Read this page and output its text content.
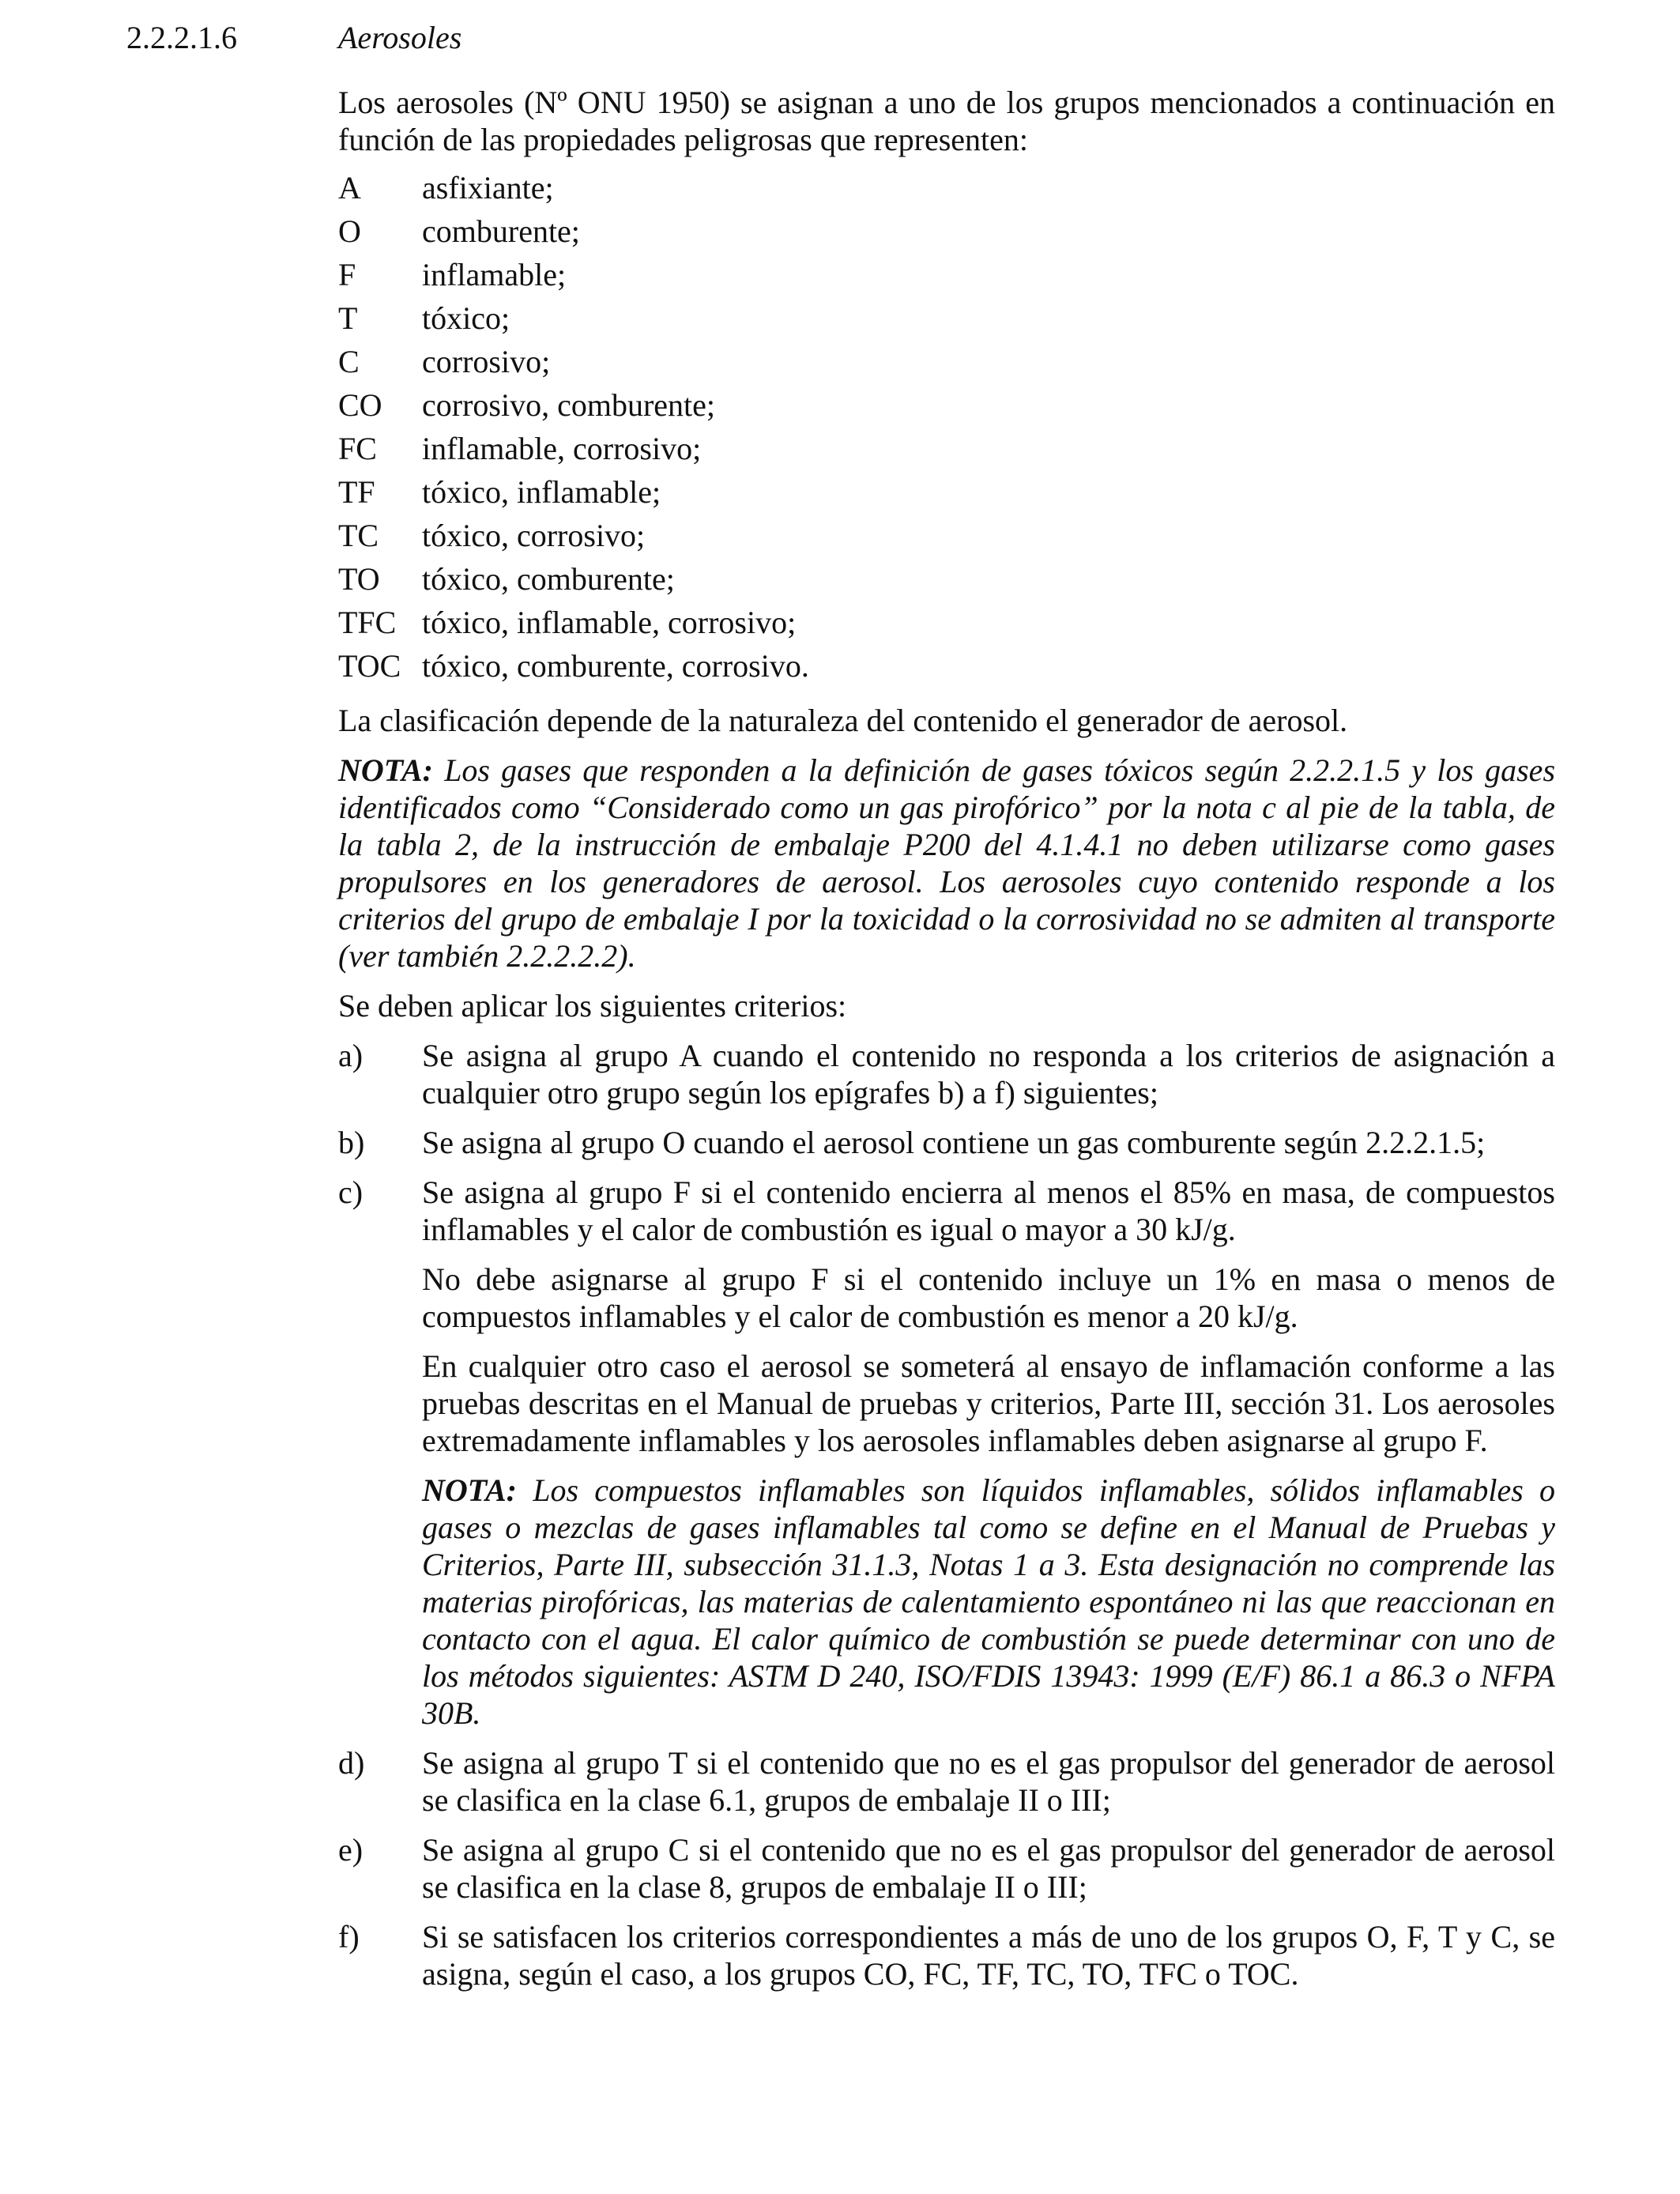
2.2.2.1.6	Aerosoles

Los aerosoles (Nº ONU 1950) se asignan a uno de los grupos mencionados a continuación en función de las propiedades peligrosas que representen:

A	asfixiante;
O	comburente;
F	inflamable;
T	tóxico;
C	corrosivo;
CO	corrosivo, comburente;
FC	inflamable, corrosivo;
TF	tóxico, inflamable;
TC	tóxico, corrosivo;
TO	tóxico, comburente;
TFC tóxico, inflamable, corrosivo;
TOC tóxico, comburente, corrosivo.

La clasificación depende de la naturaleza del contenido el generador de aerosol.

NOTA: Los gases que responden a la definición de gases tóxicos según 2.2.2.1.5 y los gases identificados como “Considerado como un gas pirofórico” por la nota c al pie de la tabla, de la tabla 2, de la instrucción de embalaje P200 del 4.1.4.1 no deben utilizarse como gases propulsores en los generadores de aerosol. Los aerosoles cuyo contenido responde a los criterios del grupo de embalaje I por la toxicidad o la corrosividad no se admiten al transporte (ver también 2.2.2.2.2).

Se deben aplicar los siguientes criterios:

a)	Se asigna al grupo A cuando el contenido no responda a los criterios de asignación a cualquier otro grupo según los epígrafes b) a f) siguientes;

b)	Se asigna al grupo O cuando el aerosol contiene un gas comburente según 2.2.2.1.5;

c)	Se asigna al grupo F si el contenido encierra al menos el 85% en masa, de compuestos inflamables y el calor de combustión es igual o mayor a 30 kJ/g.

No debe asignarse al grupo F si el contenido incluye un 1% en masa o menos de compuestos inflamables y el calor de combustión es menor a 20 kJ/g.

En cualquier otro caso el aerosol se someterá al ensayo de inflamación conforme a las pruebas descritas en el Manual de pruebas y criterios, Parte III, sección 31. Los aerosoles extremadamente inflamables y los aerosoles inflamables deben asignarse al grupo F.

NOTA: Los compuestos inflamables son líquidos inflamables, sólidos inflamables o gases o mezclas de gases inflamables tal como se define en el Manual de Pruebas y Criterios, Parte III, subsección 31.1.3, Notas 1 a 3. Esta designación no comprende las materias pirofóricas, las materias de calentamiento espontáneo ni las que reaccionan en contacto con el agua. El calor químico de combustión se puede determinar con uno de los métodos siguientes: ASTM D 240, ISO/FDIS 13943: 1999 (E/F) 86.1 a 86.3 o NFPA 30B.

d)	Se asigna al grupo T si el contenido que no es el gas propulsor del generador de aerosol se clasifica en la clase 6.1, grupos de embalaje II o III;

e)	Se asigna al grupo C si el contenido que no es el gas propulsor del generador de aerosol se clasifica en la clase 8, grupos de embalaje II o III;

f)	Si se satisfacen los criterios correspondientes a más de uno de los grupos O, F, T y C, se asigna, según el caso, a los grupos CO, FC, TF, TC, TO, TFC o TOC.
